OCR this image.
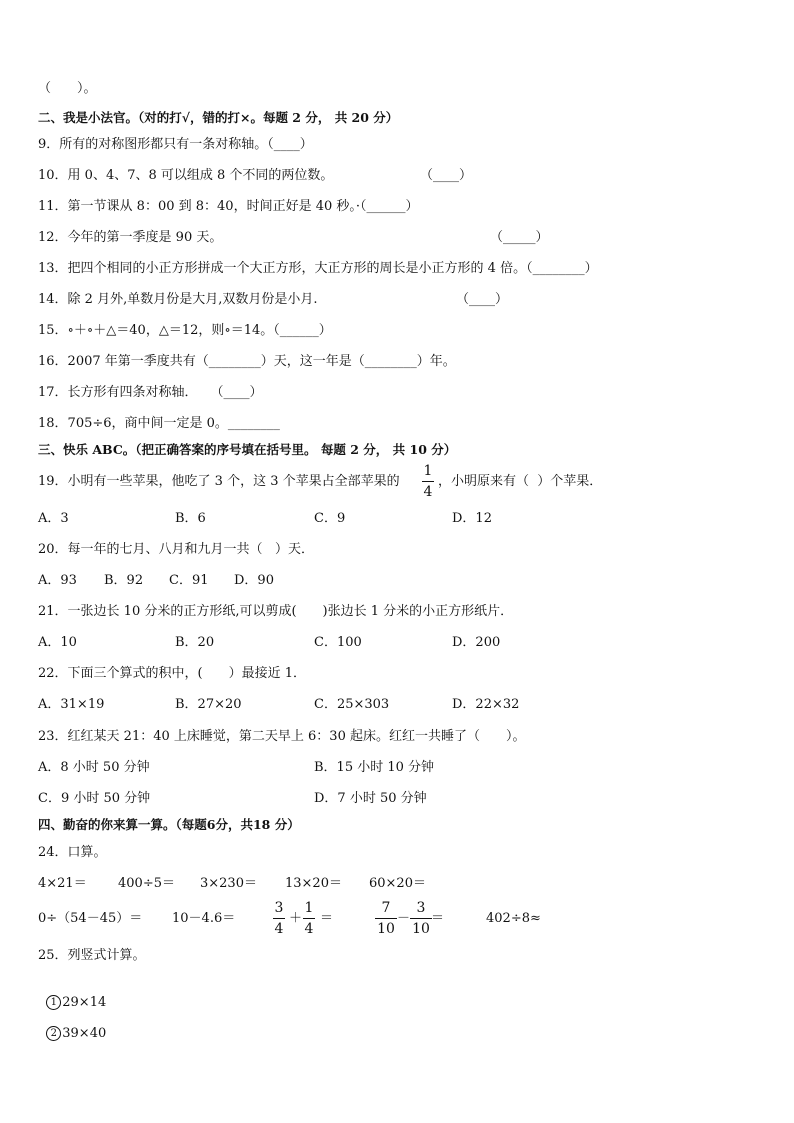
（　　）。
二、我是小法官。（对的打√，错的打×。每题 2 分， 共 20 分）
9．所有的对称图形都只有一条对称轴。（____）
10．用 0、4、7、8 可以组成 8 个不同的两位数。	（____）
11．第一节课从 8：00 到 8：40，时间正好是 40 秒。·（______）
12．今年的第一季度是 90 天。	（_____）
13．把四个相同的小正方形拼成一个大正方形，大正方形的周长是小正方形的 4 倍。（________）
14．除 2 月外,单数月份是大月,双数月份是小月.	（____）
15．∘＋∘＋△＝40，△＝12，则∘＝14。（______）
16．2007 年第一季度共有（________）天，这一年是（________）年。
17．长方形有四条对称轴．　　（____）
18．705÷6，商中间一定是 0。________
三、快乐 ABC。（把正确答案的序号填在括号里。 每题 2 分， 共 10 分）
19．小明有一些苹果，他吃了 3 个，这 3 个苹果占全部苹果的
1
4
，小明原来有（  ）个苹果．
A．3	B．6	C．9	D．12
20．每一年的七月、八月和九月一共（   ）天．
A．93 B．92 C．91 D．90
21．一张边长 10 分米的正方形纸,可以剪成(　　)张边长 1 分米的小正方形纸片．
A．10	B．20	C．100	D．200
22．下面三个算式的积中，(　　）最接近 1．
A．31×19	B．27×20	C．25×303	D．22×32
23．红红某天 21：40 上床睡觉，第二天早上 6：30 起床。红红一共睡了（　　）。
A．8 小时 50 分钟	B．15 小时 10 分钟
C．9 小时 50 分钟	D．7 小时 50 分钟
四、勤奋的你来算一算。（每题6分，共18 分）
24．口算。
4×21＝ 400÷5＝ 3×230＝ 13×20＝ 60×20＝
0÷（54－45）＝ 10－4.6＝
3
4
＋
1
4
＝
7
10
－
3
10
＝	402÷8≈
25．列竖式计算。

1 29×14

2 39×40
